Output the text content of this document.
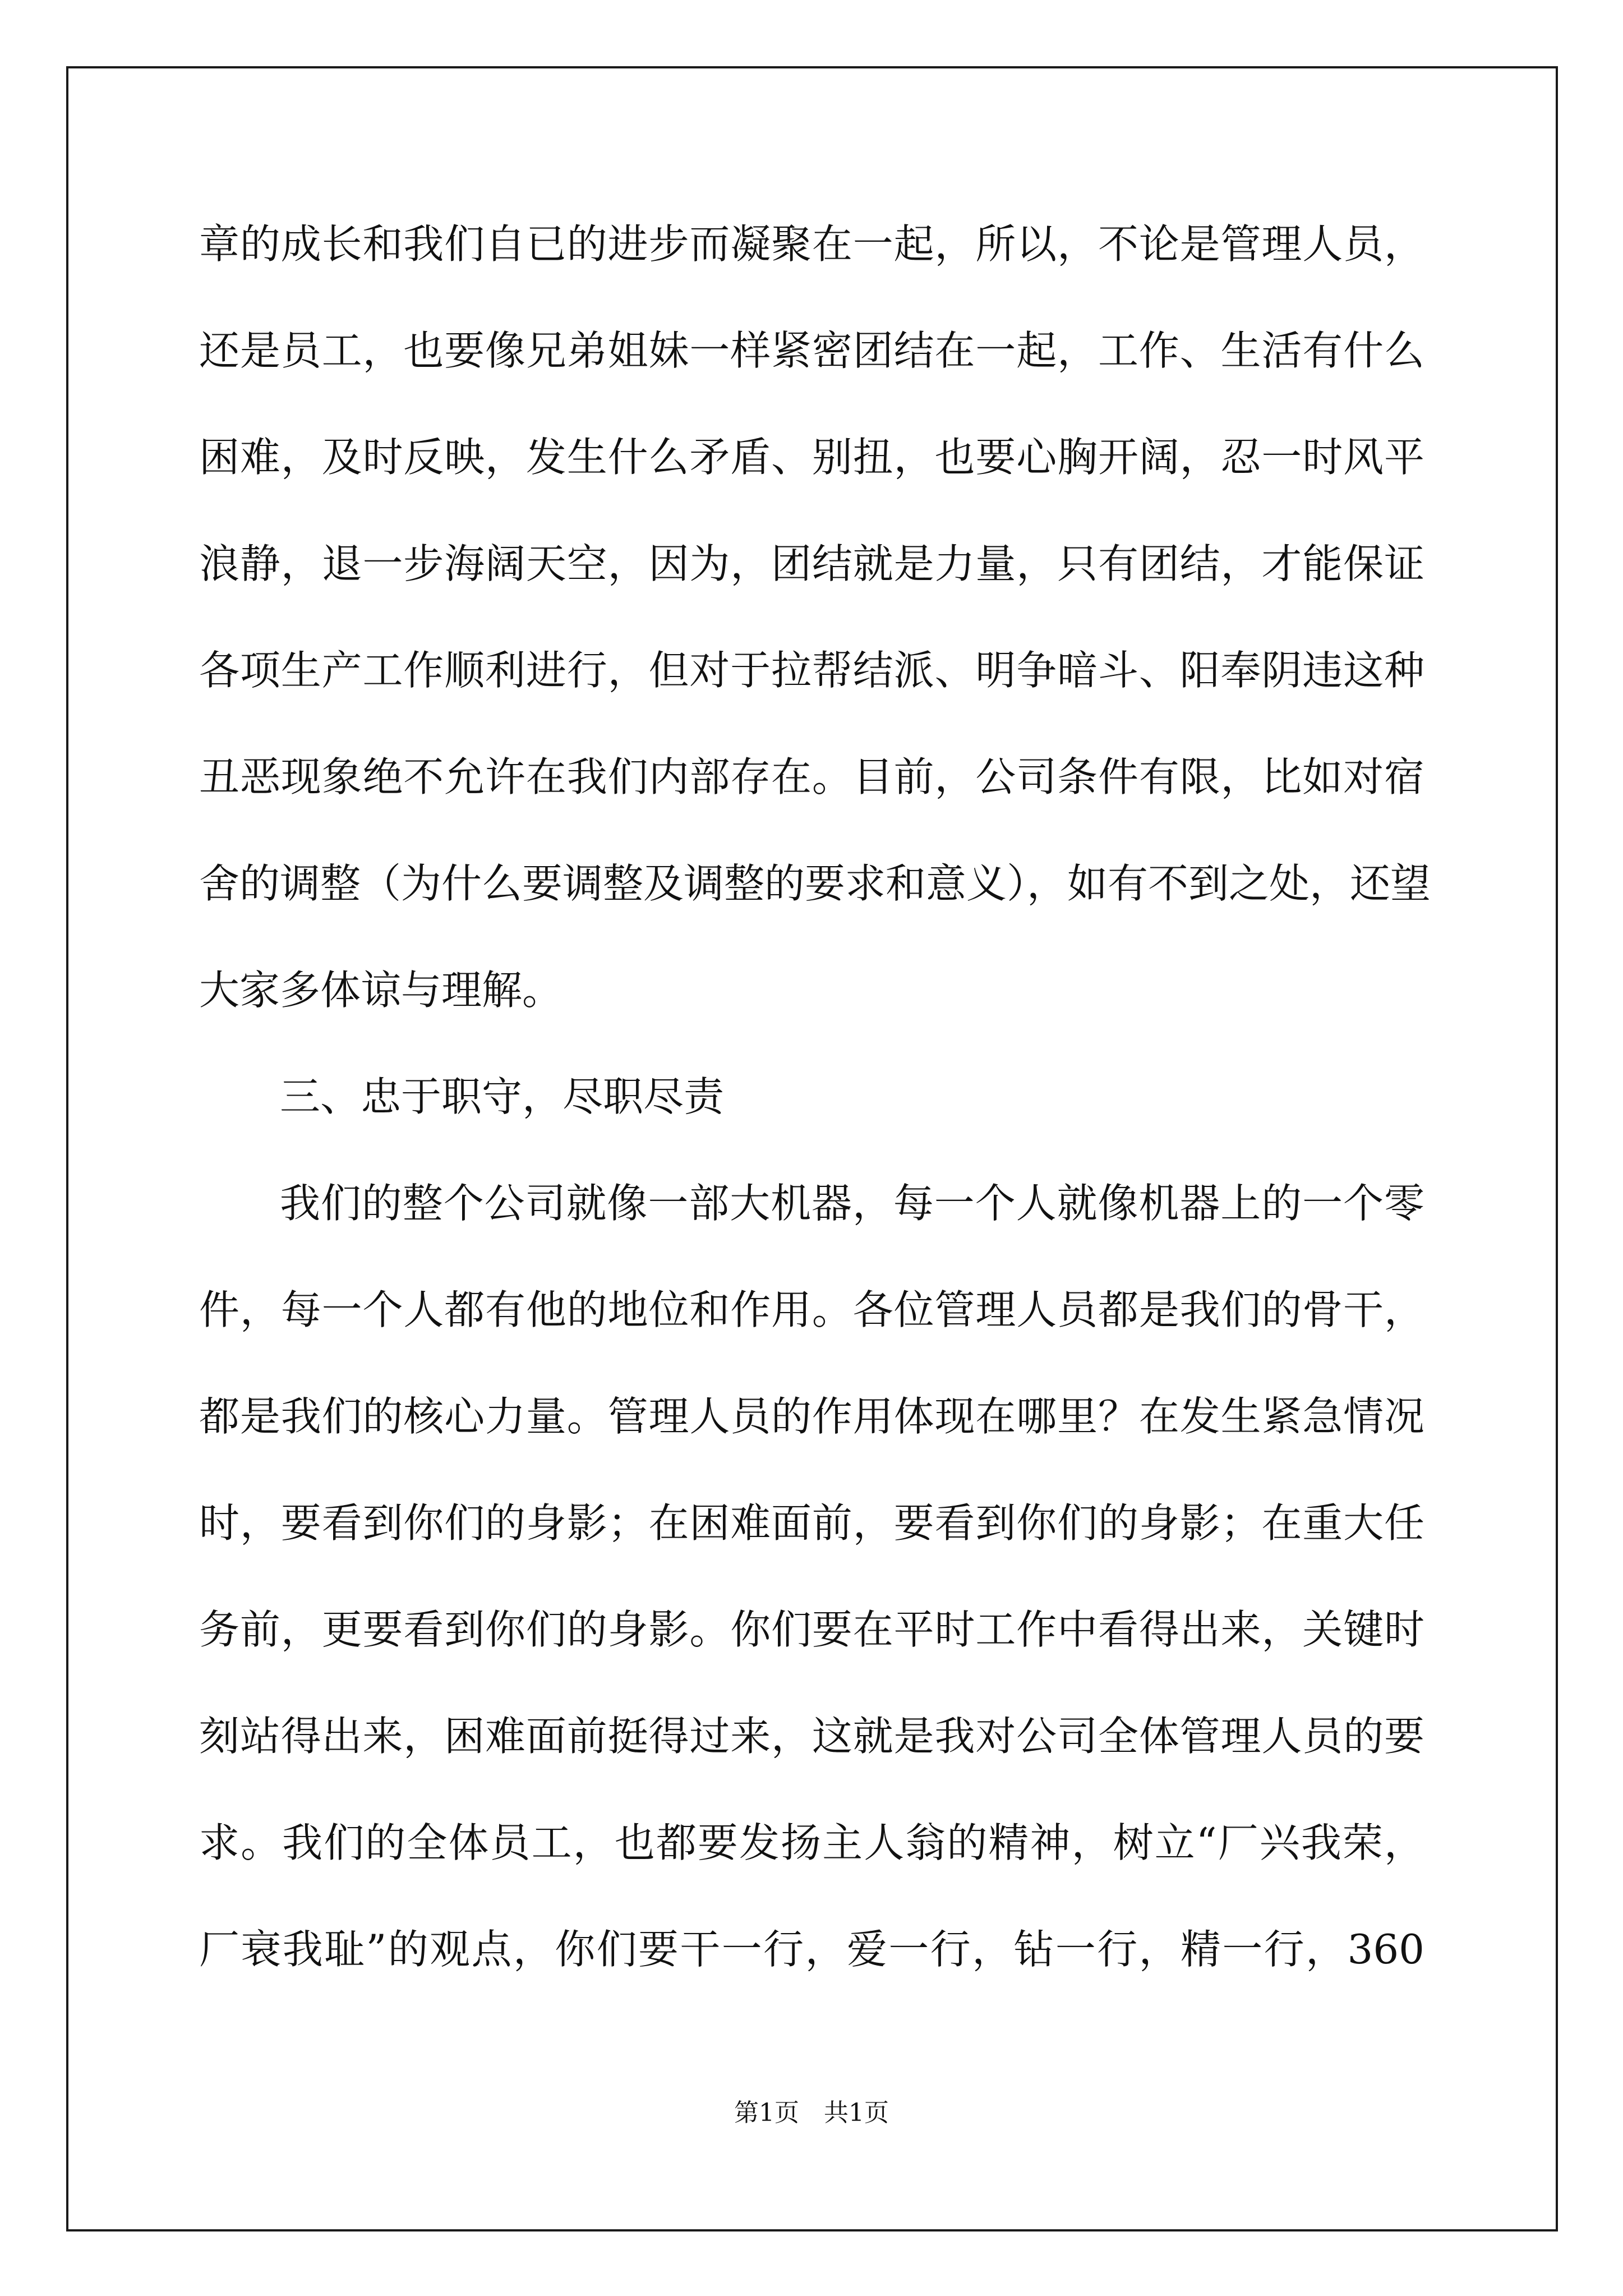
章的成长和我们自已的进步而凝聚在一起，所以，不论是管理人员，
还是员工，也要像兄弟姐妹一样紧密团结在一起，工作、生活有什么
困难，及时反映，发生什么矛盾、别扭，也要心胸开阔，忍一时风平
浪静，退一步海阔天空，因为，团结就是力量，只有团结，才能保证
各项生产工作顺利进行，但对于拉帮结派、明争暗斗、阳奉阴违这种
丑恶现象绝不允许在我们内部存在。目前，公司条件有限，比如对宿
舍的调整（为什么要调整及调整的要求和意义），如有不到之处，还望
大家多体谅与理解。
三、忠于职守，尽职尽责
我们的整个公司就像一部大机器，每一个人就像机器上的一个零
件，每一个人都有他的地位和作用。各位管理人员都是我们的骨干，
都是我们的核心力量。管理人员的作用体现在哪里？在发生紧急情况
时，要看到你们的身影；在困难面前，要看到你们的身影；在重大任
务前，更要看到你们的身影。你们要在平时工作中看得出来，关键时
刻站得出来，困难面前挺得过来，这就是我对公司全体管理人员的要
求。我们的全体员工，也都要发扬主人翁的精神，树立“厂兴我荣，
厂衰我耻”的观点，你们要干一行，爱一行，钻一行，精一行，360
第1页　共1页
